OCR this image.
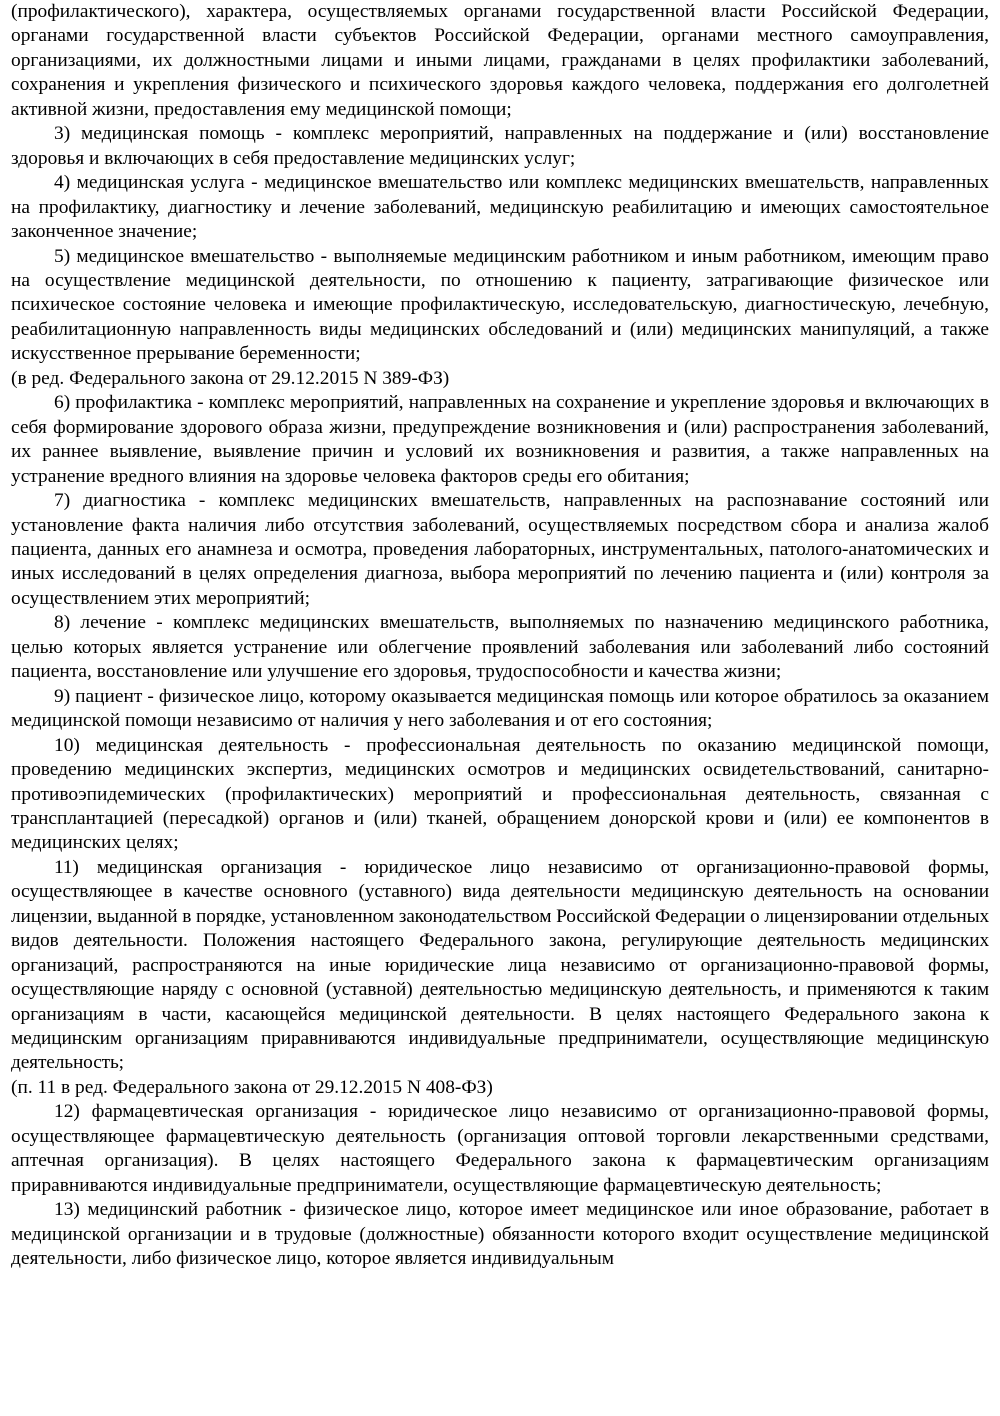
(профилактического), характера, осуществляемых органами государственной власти Российской Федерации, органами государственной власти субъектов Российской Федерации, органами местного самоуправления, организациями, их должностными лицами и иными лицами, гражданами в целях профилактики заболеваний, сохранения и укрепления физического и психического здоровья каждого человека, поддержания его долголетней активной жизни, предоставления ему медицинской помощи;

3) медицинская помощь - комплекс мероприятий, направленных на поддержание и (или) восстановление здоровья и включающих в себя предоставление медицинских услуг;

4) медицинская услуга - медицинское вмешательство или комплекс медицинских вмешательств, направленных на профилактику, диагностику и лечение заболеваний, медицинскую реабилитацию и имеющих самостоятельное законченное значение;

5) медицинское вмешательство - выполняемые медицинским работником и иным работником, имеющим право на осуществление медицинской деятельности, по отношению к пациенту, затрагивающие физическое или психическое состояние человека и имеющие профилактическую, исследовательскую, диагностическую, лечебную, реабилитационную направленность виды медицинских обследований и (или) медицинских манипуляций, а также искусственное прерывание беременности;

(в ред. Федерального закона от 29.12.2015 N 389-ФЗ)

6) профилактика - комплекс мероприятий, направленных на сохранение и укрепление здоровья и включающих в себя формирование здорового образа жизни, предупреждение возникновения и (или) распространения заболеваний, их раннее выявление, выявление причин и условий их возникновения и развития, а также направленных на устранение вредного влияния на здоровье человека факторов среды его обитания;

7) диагностика - комплекс медицинских вмешательств, направленных на распознавание состояний или установление факта наличия либо отсутствия заболеваний, осуществляемых посредством сбора и анализа жалоб пациента, данных его анамнеза и осмотра, проведения лабораторных, инструментальных, патолого-анатомических и иных исследований в целях определения диагноза, выбора мероприятий по лечению пациента и (или) контроля за осуществлением этих мероприятий;

8) лечение - комплекс медицинских вмешательств, выполняемых по назначению медицинского работника, целью которых является устранение или облегчение проявлений заболевания или заболеваний либо состояний пациента, восстановление или улучшение его здоровья, трудоспособности и качества жизни;

9) пациент - физическое лицо, которому оказывается медицинская помощь или которое обратилось за оказанием медицинской помощи независимо от наличия у него заболевания и от его состояния;

10) медицинская деятельность - профессиональная деятельность по оказанию медицинской помощи, проведению медицинских экспертиз, медицинских осмотров и медицинских освидетельствований, санитарно-противоэпидемических (профилактических) мероприятий и профессиональная деятельность, связанная с трансплантацией (пересадкой) органов и (или) тканей, обращением донорской крови и (или) ее компонентов в медицинских целях;

11) медицинская организация - юридическое лицо независимо от организационно-правовой формы, осуществляющее в качестве основного (уставного) вида деятельности медицинскую деятельность на основании лицензии, выданной в порядке, установленном законодательством Российской Федерации о лицензировании отдельных видов деятельности. Положения настоящего Федерального закона, регулирующие деятельность медицинских организаций, распространяются на иные юридические лица независимо от организационно-правовой формы, осуществляющие наряду с основной (уставной) деятельностью медицинскую деятельность, и применяются к таким организациям в части, касающейся медицинской деятельности. В целях настоящего Федерального закона к медицинским организациям приравниваются индивидуальные предприниматели, осуществляющие медицинскую деятельность;

(п. 11 в ред. Федерального закона от 29.12.2015 N 408-ФЗ)

12) фармацевтическая организация - юридическое лицо независимо от организационно-правовой формы, осуществляющее фармацевтическую деятельность (организация оптовой торговли лекарственными средствами, аптечная организация). В целях настоящего Федерального закона к фармацевтическим организациям приравниваются индивидуальные предприниматели, осуществляющие фармацевтическую деятельность;

13) медицинский работник - физическое лицо, которое имеет медицинское или иное образование, работает в медицинской организации и в трудовые (должностные) обязанности которого входит осуществление медицинской деятельности, либо физическое лицо, которое является индивидуальным
